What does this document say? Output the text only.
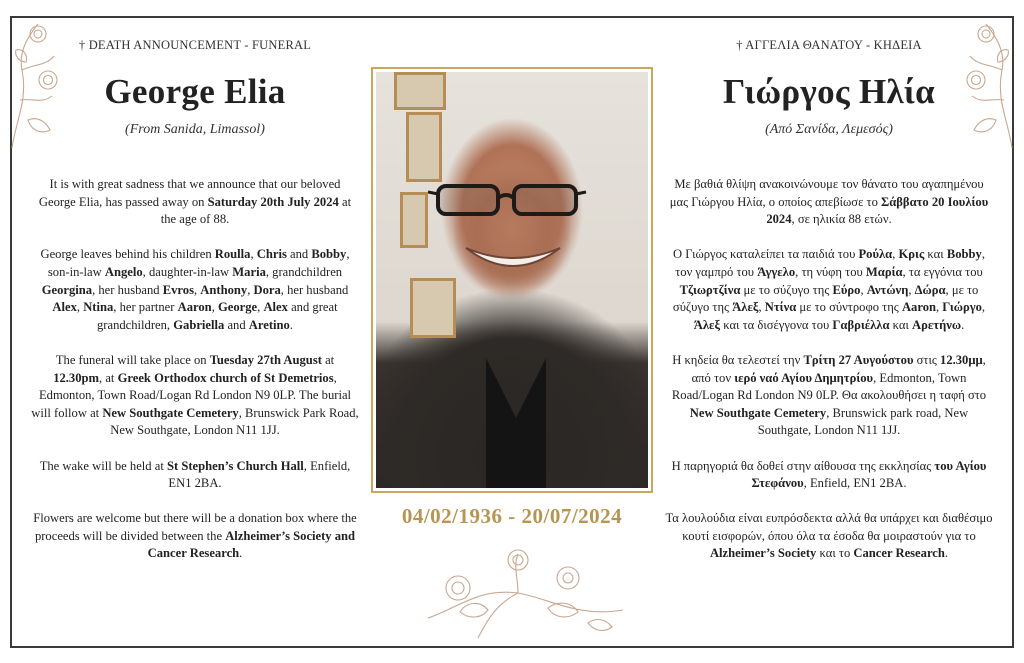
† DEATH ANNOUNCEMENT - FUNERAL
George Elia
(From Sanida, Limassol)

It is with great sadness that we announce that our beloved George Elia, has passed away on Saturday 20th July 2024 at the age of 88.

George leaves behind his children Roulla, Chris and Bobby, son-in-law Angelo, daughter-in-law Maria, grandchildren Georgina, her husband Evros, Anthony, Dora, her husband Alex, Ntina, her partner Aaron, George, Alex and great grandchildren, Gabriella and Aretino.

The funeral will take place on Tuesday 27th August at 12.30pm, at Greek Orthodox church of St Demetrios, Edmonton, Town Road/Logan Rd London N9 0LP. The burial will follow at New Southgate Cemetery, Brunswick Park Road, New Southgate, London N11 1JJ.

The wake will be held at St Stephen’s Church Hall, Enfield, EN1 2BA.

Flowers are welcome but there will be a donation box where the proceeds will be divided between the Alzheimer’s Society and Cancer Research.

04/02/1936 - 20/07/2024
† ΑΓΓΕΛΙΑ ΘΑΝΑΤΟΥ - ΚΗΔΕΙΑ
Γιώργος Ηλία
(Από Σανίδα, Λεμεσός)

Με βαθιά θλίψη ανακοινώνουμε τον θάνατο του αγαπημένου μας Γιώργου Ηλία, ο οποίος απεβίωσε το Σάββατο 20 Ιουλίου 2024, σε ηλικία 88 ετών.

Ο Γιώργος καταλείπει τα παιδιά του Ρούλα, Κρις και Bobby, τον γαμπρό του Άγγελο, τη νύφη του Μαρία, τα εγγόνια του Τζιωρτζίνα με το σύζυγο της Εύρο, Αντώνη, Δώρα, με το σύζυγο της Άλεξ, Ντίνα με το σύντροφο της Aaron, Γιώργο, Άλεξ και τα δισέγγονα του Γαβριέλλα και Αρετήνω.

Η κηδεία θα τελεστεί την Τρίτη 27 Αυγούστου στις 12.30μμ, από τον ιερό ναό Αγίου Δημητρίου, Edmonton, Town Road/Logan Rd London N9 0LP. Θα ακολουθήσει η ταφή στο New Southgate Cemetery, Brunswick park road, New Southgate, London N11 1JJ.

Η παρηγοριά θα δοθεί στην αίθουσα της εκκλησίας του Αγίου Στεφάνου, Enfield, EN1 2BA.

Τα λουλούδια είναι ευπρόσδεκτα αλλά θα υπάρχει και διαθέσιμο κουτί εισφορών, όπου όλα τα έσοδα θα μοιραστούν για το Alzheimer’s Society και το Cancer Research.
